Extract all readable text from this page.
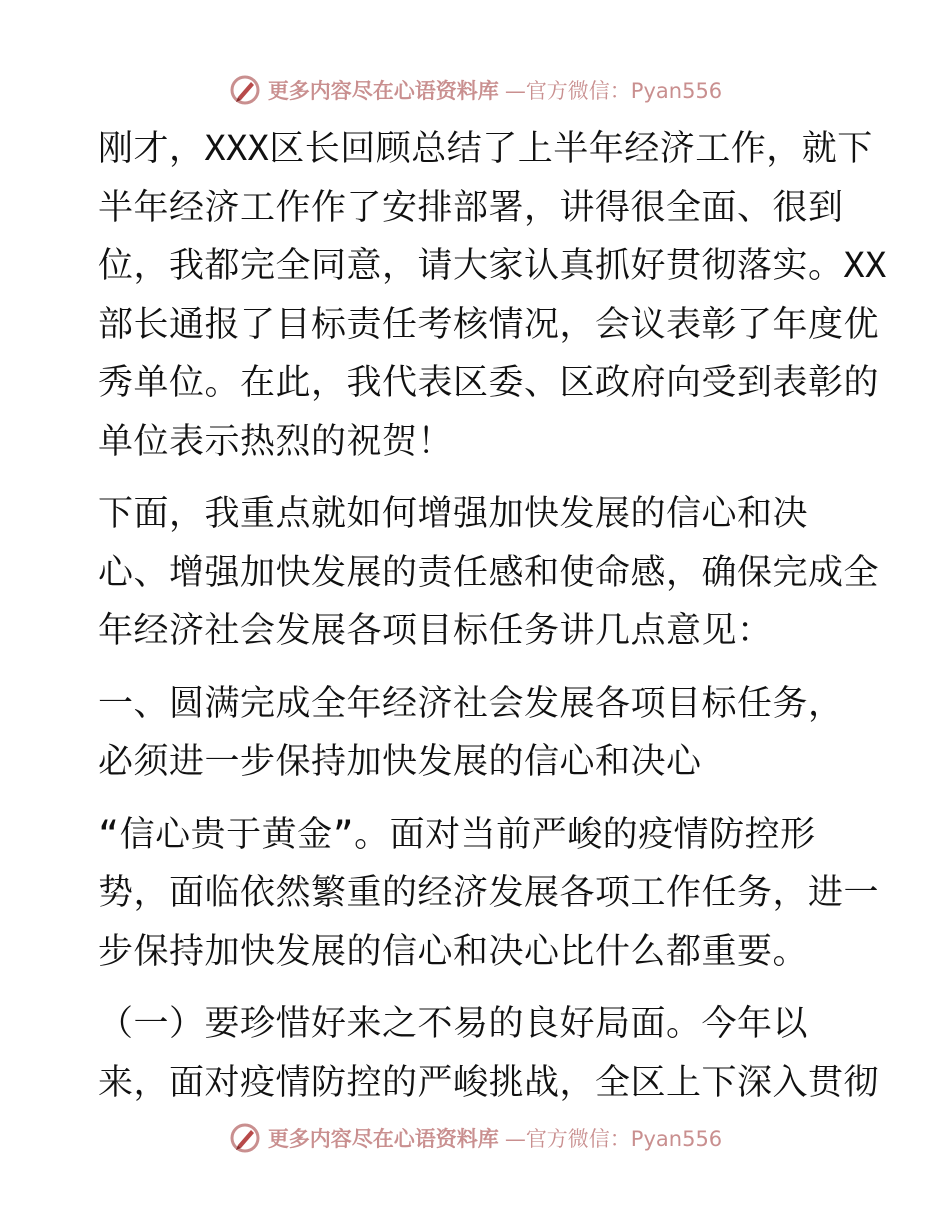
更多内容尽在心语资料库 —官方微信：Pyan556
刚才，XXX区长回顾总结了上半年经济工作，就下
半年经济工作作了安排部署，讲得很全面、很到
位，我都完全同意，请大家认真抓好贯彻落实。XX
部长通报了目标责任考核情况，会议表彰了年度优
秀单位。在此，我代表区委、区政府向受到表彰的
单位表示热烈的祝贺！
下面，我重点就如何增强加快发展的信心和决
心、增强加快发展的责任感和使命感，确保完成全
年经济社会发展各项目标任务讲几点意见：
一、圆满完成全年经济社会发展各项目标任务，
必须进一步保持加快发展的信心和决心
“信心贵于黄金”。面对当前严峻的疫情防控形
势，面临依然繁重的经济发展各项工作任务，进一
步保持加快发展的信心和决心比什么都重要。
（一）要珍惜好来之不易的良好局面。今年以
来，面对疫情防控的严峻挑战，全区上下深入贯彻
更多内容尽在心语资料库 —官方微信：Pyan556
